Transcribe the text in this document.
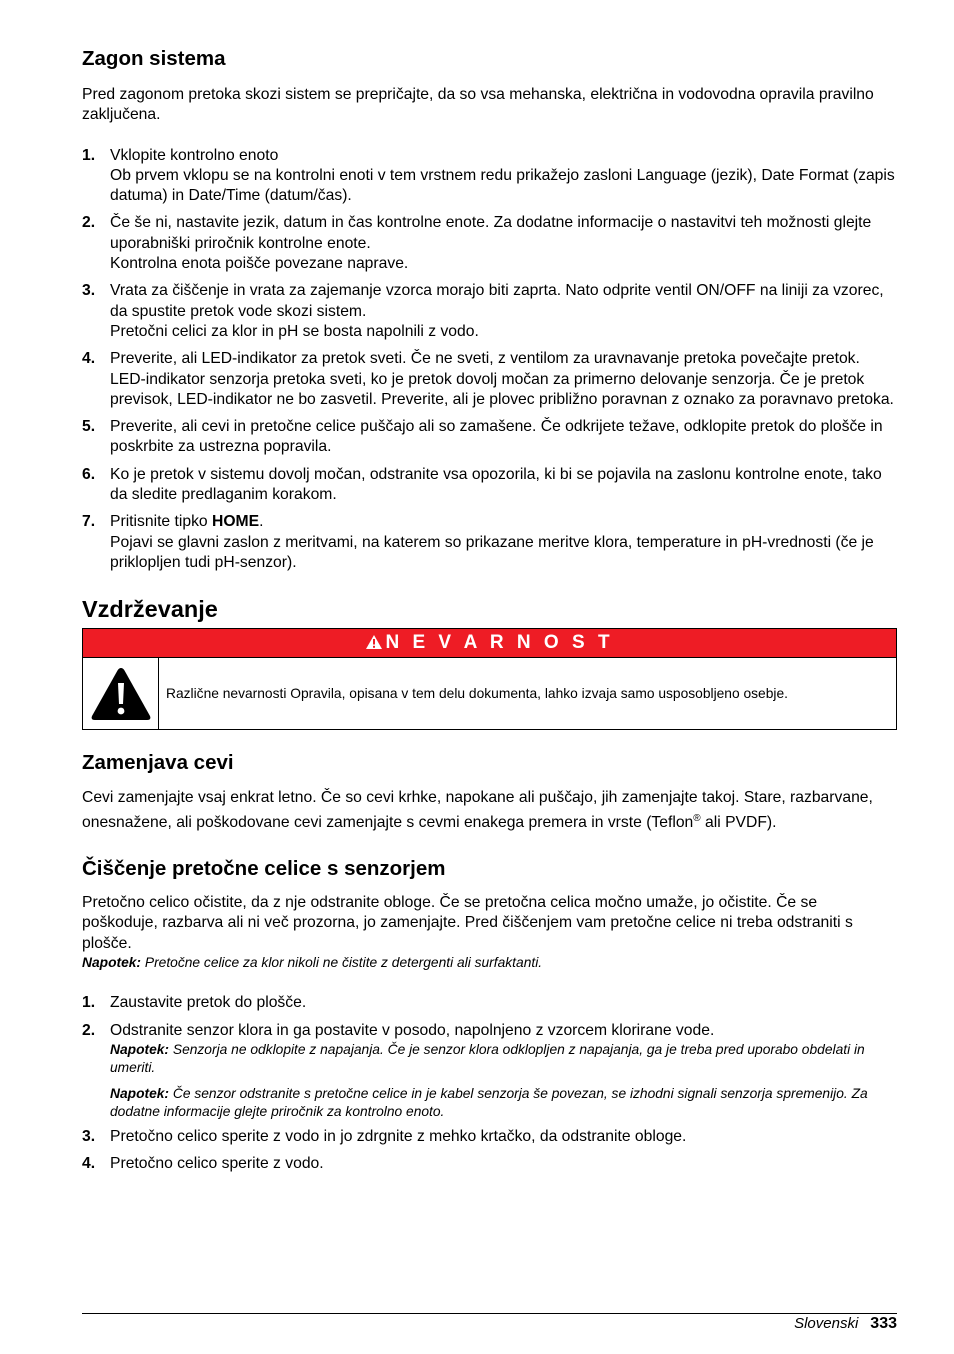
Zagon sistema

Pred zagonom pretoka skozi sistem se prepričajte, da so vsa mehanska, električna in vodovodna opravila pravilno zaključena.

1. Vklopite kontrolno enoto
Ob prvem vklopu se na kontrolni enoti v tem vrstnem redu prikažejo zasloni Language (jezik), Date Format (zapis datuma) in Date/Time (datum/čas).
2. Če še ni, nastavite jezik, datum in čas kontrolne enote. Za dodatne informacije o nastavitvi teh možnosti glejte uporabniški priročnik kontrolne enote.
Kontrolna enota poišče povezane naprave.
3. Vrata za čiščenje in vrata za zajemanje vzorca morajo biti zaprta. Nato odprite ventil ON/OFF na liniji za vzorec, da spustite pretok vode skozi sistem.
Pretočni celici za klor in pH se bosta napolnili z vodo.
4. Preverite, ali LED-indikator za pretok sveti. Če ne sveti, z ventilom za uravnavanje pretoka povečajte pretok.
LED-indikator senzorja pretoka sveti, ko je pretok dovolj močan za primerno delovanje senzorja. Če je pretok previsok, LED-indikator ne bo zasvetil. Preverite, ali je plovec približno poravnan z oznako za poravnavo pretoka.
5. Preverite, ali cevi in pretočne celice puščajo ali so zamašene. Če odkrijete težave, odklopite pretok do plošče in poskrbite za ustrezna popravila.
6. Ko je pretok v sistemu dovolj močan, odstranite vsa opozorila, ki bi se pojavila na zaslonu kontrolne enote, tako da sledite predlaganim korakom.
7. Pritisnite tipko HOME.
Pojavi se glavni zaslon z meritvami, na katerem so prikazane meritve klora, temperature in pH-vrednosti (če je priklopljen tudi pH-senzor).
Vzdrževanje
N E V A R N O S T
Različne nevarnosti Opravila, opisana v tem delu dokumenta, lahko izvaja samo usposobljeno osebje.
Zamenjava cevi

Cevi zamenjajte vsaj enkrat letno. Če so cevi krhke, napokane ali puščajo, jih zamenjajte takoj. Stare, razbarvane, onesnažene, ali poškodovane cevi zamenjajte s cevmi enakega premera in vrste (Teflon® ali PVDF).

Čiščenje pretočne celice s senzorjem

Pretočno celico očistite, da z nje odstranite obloge. Če se pretočna celica močno umaže, jo očistite. Če se poškoduje, razbarva ali ni več prozorna, jo zamenjajte. Pred čiščenjem vam pretočne celice ni treba odstraniti s plošče.

Napotek: Pretočne celice za klor nikoli ne čistite z detergenti ali surfaktanti.

1. Zaustavite pretok do plošče.
2. Odstranite senzor klora in ga postavite v posodo, napolnjeno z vzorcem klorirane vode.

Napotek: Senzorja ne odklopite z napajanja. Če je senzor klora odklopljen z napajanja, ga je treba pred uporabo obdelati in umeriti.

Napotek: Če senzor odstranite s pretočne celice in je kabel senzorja še povezan, se izhodni signali senzorja spremenijo. Za dodatne informacije glejte priročnik za kontrolno enoto.

3. Pretočno celico sperite z vodo in jo zdrgnite z mehko krtačko, da odstranite obloge.
4. Pretočno celico sperite z vodo.
Slovenski 333
